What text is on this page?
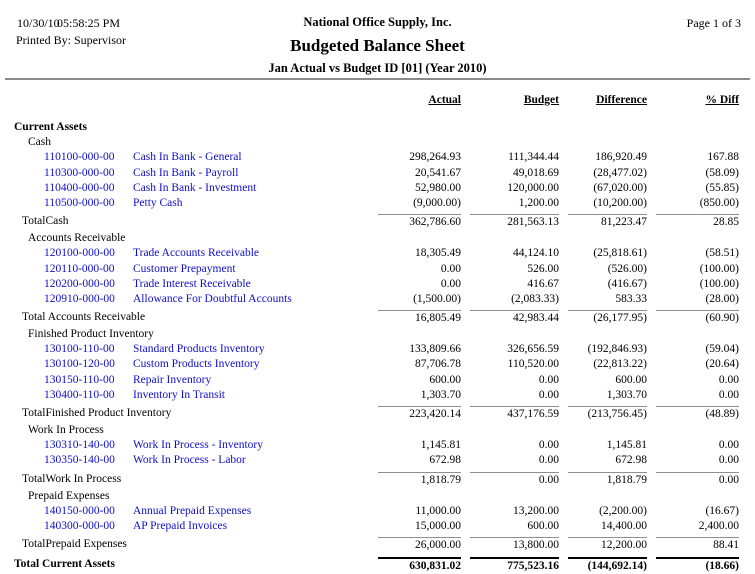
10/30/10
05:58:25 PM	National Office Supply, Inc.	Page 1 of 3
Printed By: Supervisor	Budgeted Balance Sheet
Jan Actual vs Budget ID [01] (Year 2010)
Actual	Budget	Difference	% Diff
Current Assets
Cash
110100-000-00 Cash In Bank - General	298,264.93	111,344.44	186,920.49	167.88
110300-000-00 Cash In Bank - Payroll	20,541.67	49,018.69	(28,477.02)	(58.09)
110400-000-00 Cash In Bank - Investment	52,980.00	120,000.00	(67,020.00)	(55.85)
110500-000-00 Petty Cash	(9,000.00)	1,200.00	(10,200.00)	(850.00)
TotalCash	362,786.60	281,563.13	81,223.47	28.85
Accounts Receivable
120100-000-00 Trade Accounts Receivable	18,305.49	44,124.10	(25,818.61)	(58.51)
120110-000-00 Customer Prepayment	0.00	526.00	(526.00)	(100.00)
120200-000-00 Trade Interest Receivable	0.00	416.67	(416.67)	(100.00)
120910-000-00 Allowance For Doubtful Accounts	(1,500.00)	(2,083.33)	583.33	(28.00)
Total Accounts Receivable	16,805.49	42,983.44	(26,177.95)	(60.90)
Finished Product Inventory
130100-110-00 Standard Products Inventory	133,809.66	326,656.59	(192,846.93)	(59.04)
130100-120-00 Custom Products Inventory	87,706.78	110,520.00	(22,813.22)	(20.64)
130150-110-00 Repair Inventory	600.00	0.00	600.00	0.00
130400-110-00 Inventory In Transit	1,303.70	0.00	1,303.70	0.00
TotalFinished Product Inventory	223,420.14	437,176.59	(213,756.45)	(48.89)
Work In Process
130310-140-00 Work In Process - Inventory	1,145.81	0.00	1,145.81	0.00
130350-140-00 Work In Process - Labor	672.98	0.00	672.98	0.00
TotalWork In Process	1,818.79	0.00	1,818.79	0.00
Prepaid Expenses
140150-000-00 Annual Prepaid Expenses	11,000.00	13,200.00	(2,200.00)	(16.67)
140300-000-00 AP Prepaid Invoices	15,000.00	600.00	14,400.00	2,400.00
TotalPrepaid Expenses	26,000.00	13,800.00	12,200.00	88.41
Total Current Assets	630,831.02	775,523.16	(144,692.14)	(18.66)
